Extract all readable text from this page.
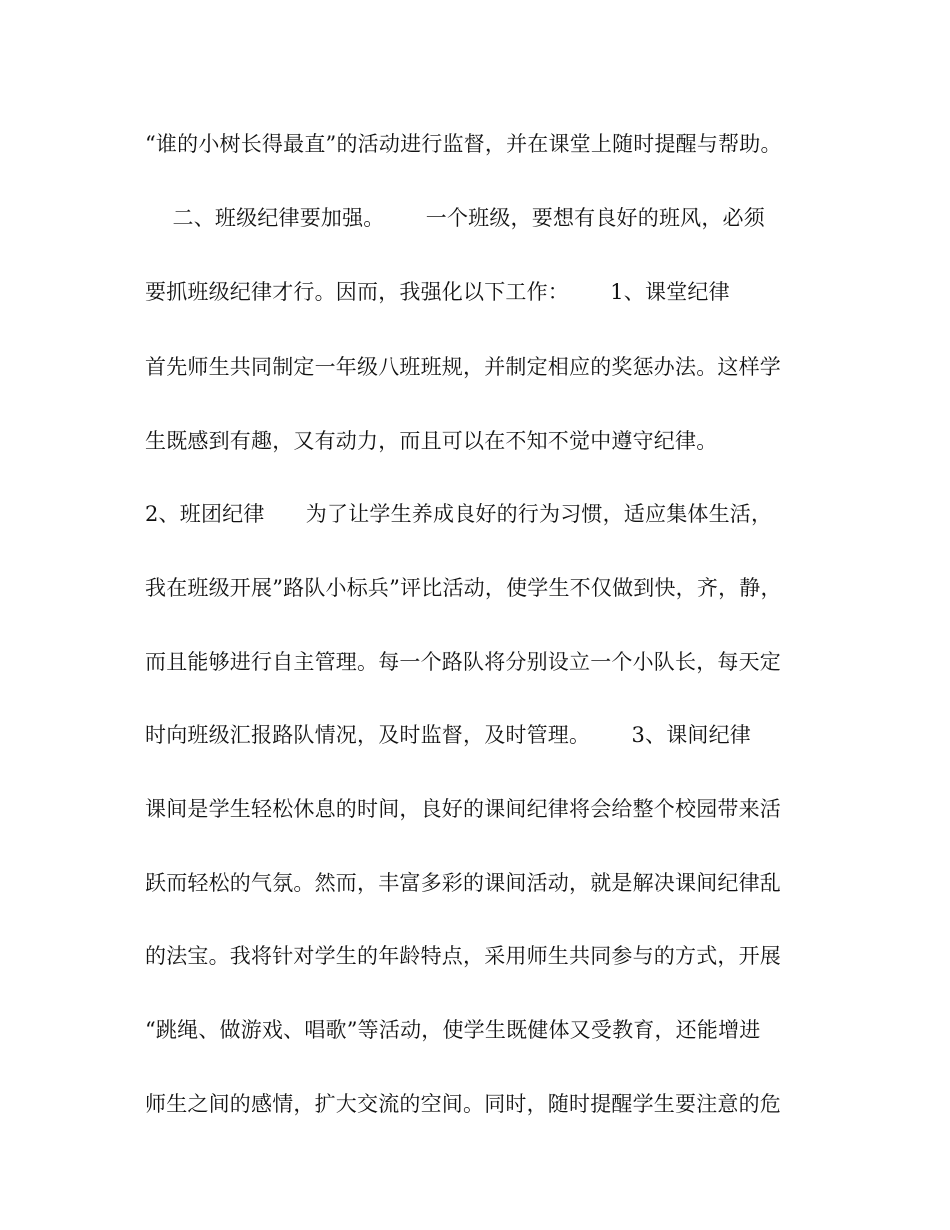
“谁的小树长得最直”的活动进行监督，并在课堂上随时提醒与帮助。
二、班级纪律要加强。      一个班级，要想有良好的班风，必须
要抓班级纪律才行。因而，我强化以下工作：      1、课堂纪律
首先师生共同制定一年级八班班规，并制定相应的奖惩办法。这样学
生既感到有趣，又有动力，而且可以在不知不觉中遵守纪律。
2、班团纪律      为了让学生养成良好的行为习惯，适应集体生活，
我在班级开展”路队小标兵”评比活动，使学生不仅做到快，齐，静，
而且能够进行自主管理。每一个路队将分别设立一个小队长，每天定
时向班级汇报路队情况，及时监督，及时管理。      3、课间纪律
课间是学生轻松休息的时间，良好的课间纪律将会给整个校园带来活
跃而轻松的气氛。然而，丰富多彩的课间活动，就是解决课间纪律乱
的法宝。我将针对学生的年龄特点，采用师生共同参与的方式，开展
“跳绳、做游戏、唱歌”等活动，使学生既健体又受教育，还能增进
师生之间的感情，扩大交流的空间。同时，随时提醒学生要注意的危
